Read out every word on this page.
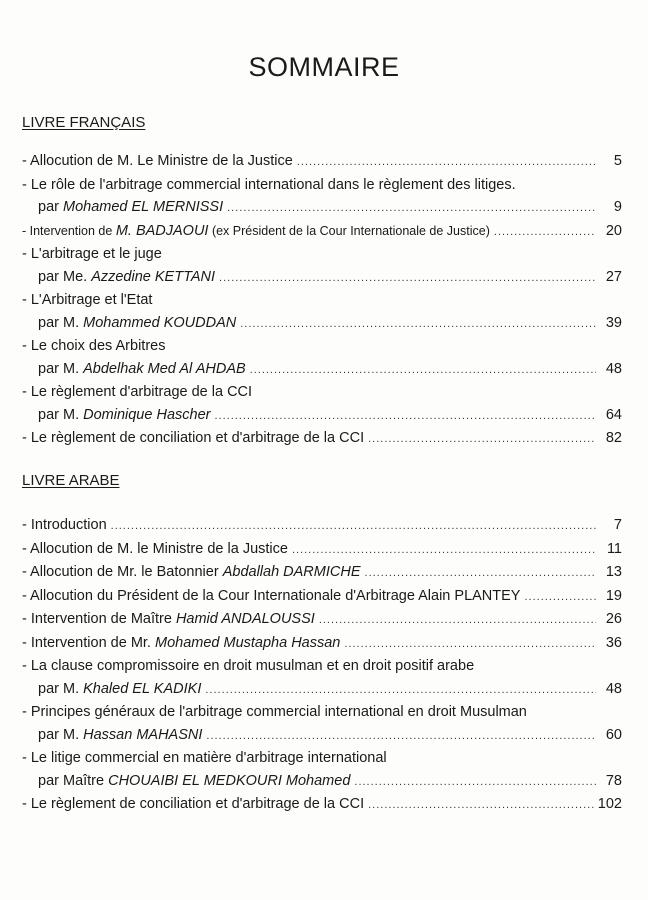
SOMMAIRE
LIVRE FRANÇAIS
- Allocution de M. Le Ministre de la Justice .....	5
- Le rôle de l'arbitrage commercial international dans le règlement des litiges.
par Mohamed EL MERNISSI .....	9
- Intervention de M. BADJAOUI (ex Président de la Cour Internationale de Justice) .....	20
- L'arbitrage et le juge
par Me. Azzedine KETTANI .....	27
- L'Arbitrage et l'Etat
par M. Mohammed KOUDDAN .....	39
- Le choix des Arbitres
par M. Abdelhak Med Al AHDAB .....	48
- Le règlement d'arbitrage de la CCI
par M. Dominique Hascher .....	64
- Le règlement de conciliation et d'arbitrage de la CCI .....	82
LIVRE ARABE
- Introduction .....	7
- Allocution de M. le Ministre de la Justice .....	11
- Allocution de Mr. le Batonnier Abdallah DARMICHE .....	13
- Allocution du Président de la Cour Internationale d'Arbitrage Alain PLANTEY .....	19
- Intervention de Maître Hamid ANDALOUSSI .....	26
- Intervention de Mr. Mohamed Mustapha Hassan .....	36
- La clause compromissoire en droit musulman et en droit positif arabe
par M. Khaled EL KADIKI .....	48
- Principes généraux de l'arbitrage commercial international en droit Musulman
par M. Hassan MAHASNI .....	60
- Le litige commercial en matière d'arbitrage international
par Maître CHOUAIBI EL MEDKOURI Mohamed .....	78
- Le règlement de conciliation et d'arbitrage de la CCI .....	102
